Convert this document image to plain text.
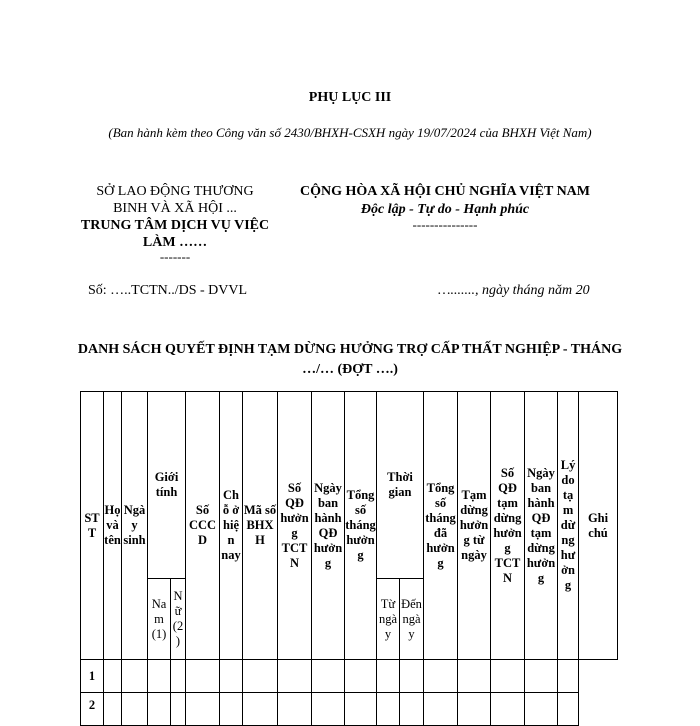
PHỤ LỤC III
(Ban hành kèm theo Công văn số 2430/BHXH-CSXH ngày 19/07/2024 của BHXH Việt Nam)
SỞ LAO ĐỘNG THƯƠNG BINH VÀ XÃ HỘI ...
TRUNG TÂM DỊCH VỤ VIỆC LÀM ……
-------
CỘNG HÒA XÃ HỘI CHỦ NGHĨA VIỆT NAM
Độc lập - Tự do - Hạnh phúc
---------------
Số: …..TCTN../DS - DVVL	…......., ngày tháng năm 20
DANH SÁCH QUYẾT ĐỊNH TẠM DỪNG HƯỞNG TRỢ CẤP THẤT NGHIỆP - THÁNG …/… (ĐỢT ….)
STT	Họ và tên	Ngày sinh	Giới tính		Số CCCD	Chỗ ở hiện nay	Mã số BHXH	Số QĐ hưởng TCTN	Ngày ban hành QĐ hưởng	Tổng số tháng hưởng	Thời gian		Tổng số tháng đã hưởng	Tạm dừng hưởng từ ngày	Số QĐ tạm dừng hưởng TCTN	Ngày ban hành QĐ tạm dừng hưởng	Lý do tạm dừng hưởng	Ghi chú
			Nam (1)	Nữ (2)							Từ ngày	Đến ngày						
1																		
2																		
